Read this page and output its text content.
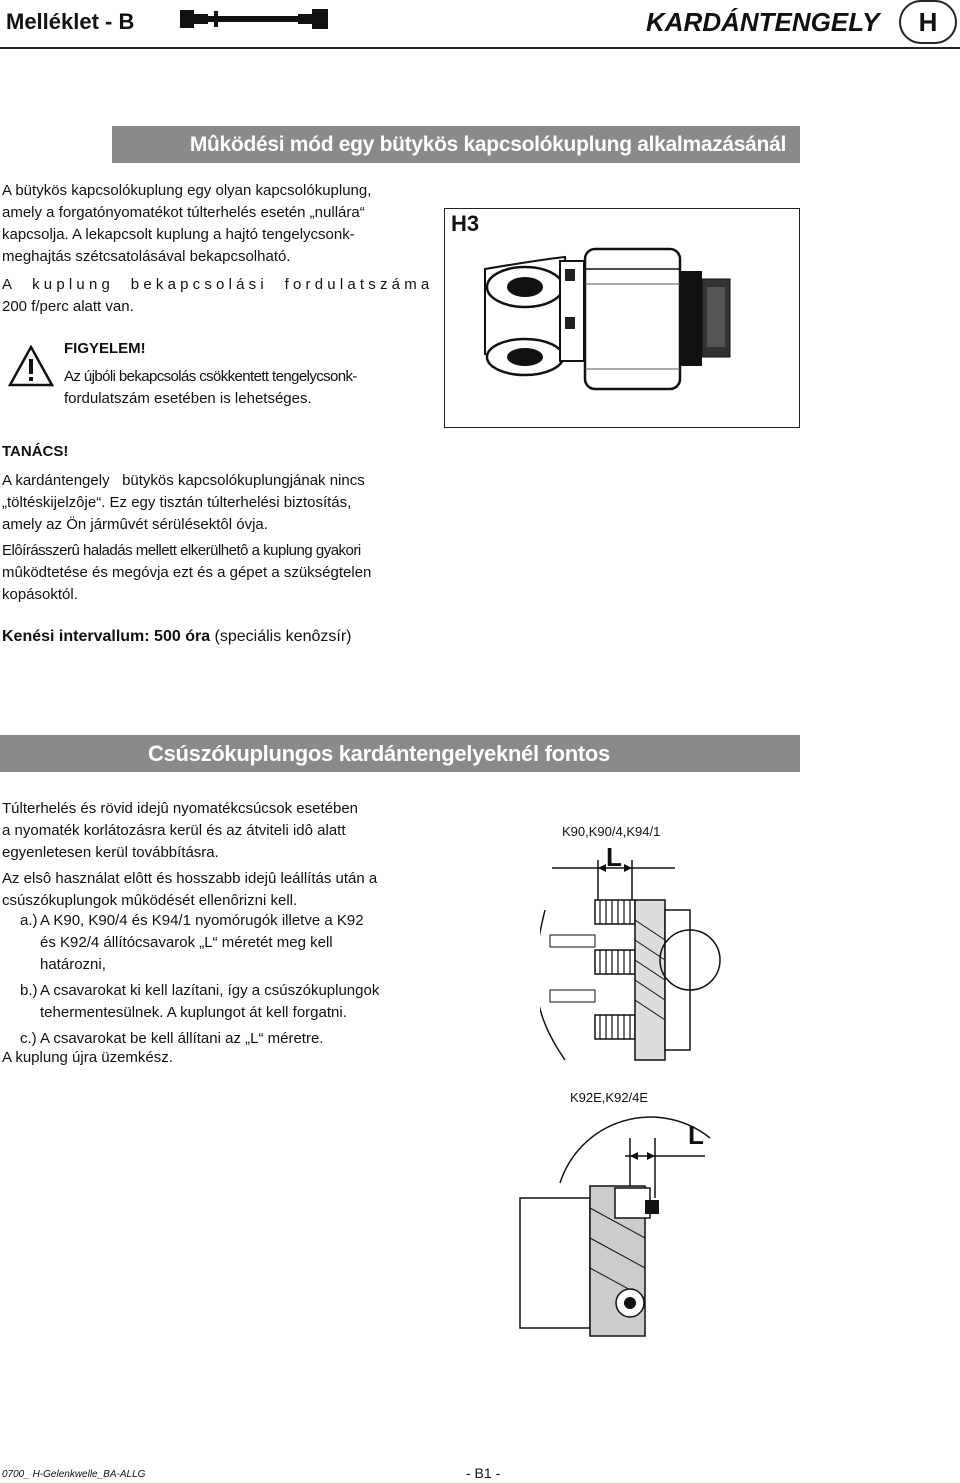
Melléklet - B	KARDÁNTENGELY	H
Mûködési mód egy bütykös kapcsolókuplung alkalmazásánál

A bütykös kapcsolókuplung egy olyan kapcsolókuplung,

amely a forgatónyomatékot túlterhelés esetén „nullára“

kapcsolja. A lekapcsolt kuplung a hajtó tengelycsonk-

meghajtás szétcsatolásával bekapcsolható.

A  kuplung  bekapcsolási  fordulatszáma

200 f/perc alatt van.

FIGYELEM!

Az újbóli bekapcsolás csökkentett tengelycsonk-

fordulatszám esetében is lehetséges.

TANÁCS!

A kardántengely   bütykös kapcsolókuplungjának nincs

„töltéskijelzôje“. Ez egy tisztán túlterhelési biztosítás,

amely az Ön jármûvét sérülésektôl óvja.

Elôírásszerû haladás mellett elkerülhetô a kuplung gyakori

mûködtetése és megóvja ezt és a gépet a szükségtelen

kopásoktól.

Kenési intervallum: 500 óra (speciális kenôzsír)
H3
Csúszókuplungos kardántengelyeknél fontos

Túlterhelés és rövid idejû nyomatékcsúcsok esetében

a nyomaték korlátozásra kerül és az átviteli idô alatt

egyenletesen kerül továbbításra.

Az elsô használat elôtt és hosszabb idejû leállítás után a

csúszókuplungok mûködését ellenôrizni kell.

a.) A K90, K90/4 és K94/1 nyomórugók illetve a K92

és K92/4 állítócsavarok „L“ méretét meg kell

határozni,

b.) A csavarokat ki kell lazítani, így a csúszókuplungok

tehermentesülnek. A kuplungot át kell forgatni.

c.) A csavarokat be kell állítani az „L“ méretre.

A kuplung újra üzemkész.

K90,K90/4,K94/1
L
K92E,K92/4E
L
0700_ H-Gelenkwelle_BA-ALLG	- B1 -
